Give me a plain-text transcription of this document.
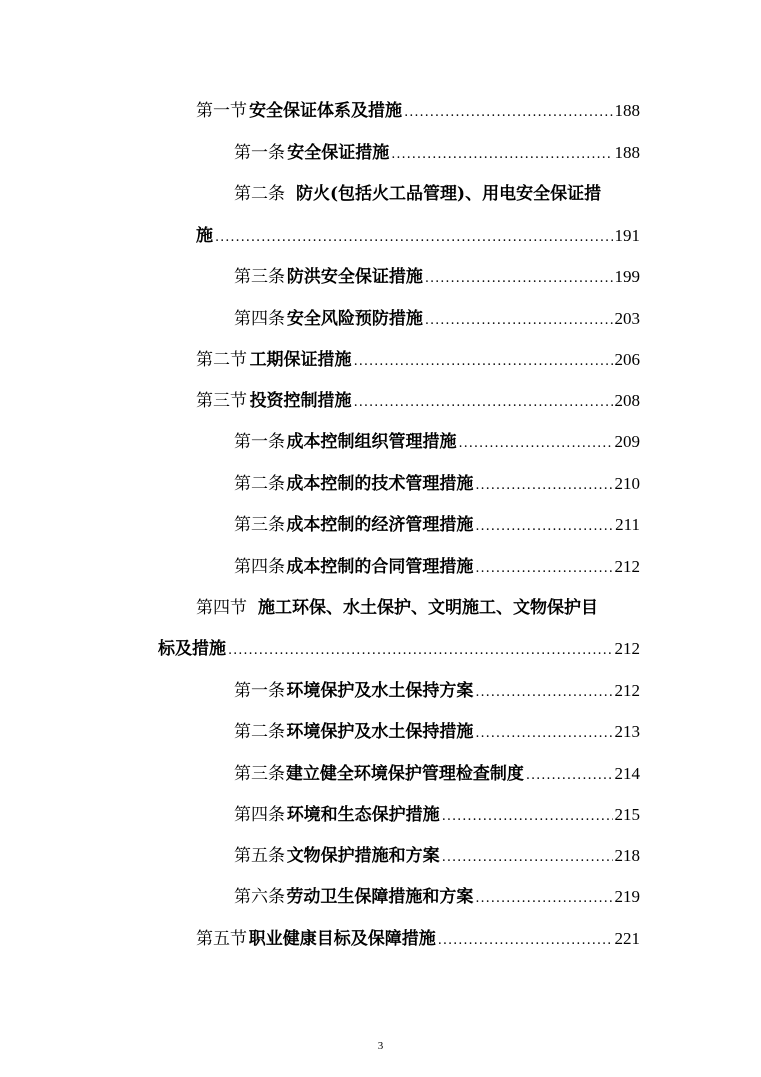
第一节 安全保证体系及措施 .....	188
第一条 安全保证措施 .....	188
第二条 防火(包括火工品管理)、用电安全保证措
施 .....	191
第三条 防洪安全保证措施 .....	199
第四条 安全风险预防措施 .....	203
第二节 工期保证措施 .....	206
第三节 投资控制措施 .....	208
第一条 成本控制组织管理措施 .....	209
第二条 成本控制的技术管理措施 .....	210
第三条 成本控制的经济管理措施 .....	211
第四条 成本控制的合同管理措施 .....	212
第四节 施工环保、水土保护、文明施工、文物保护目
标及措施 .....	212
第一条 环境保护及水土保持方案 .....	212
第二条 环境保护及水土保持措施 .....	213
第三条 建立健全环境保护管理检查制度 .....	214
第四条 环境和生态保护措施 .....	215
第五条 文物保护措施和方案 .....	218
第六条 劳动卫生保障措施和方案 .....	219
第五节 职业健康目标及保障措施 .....	221
3
